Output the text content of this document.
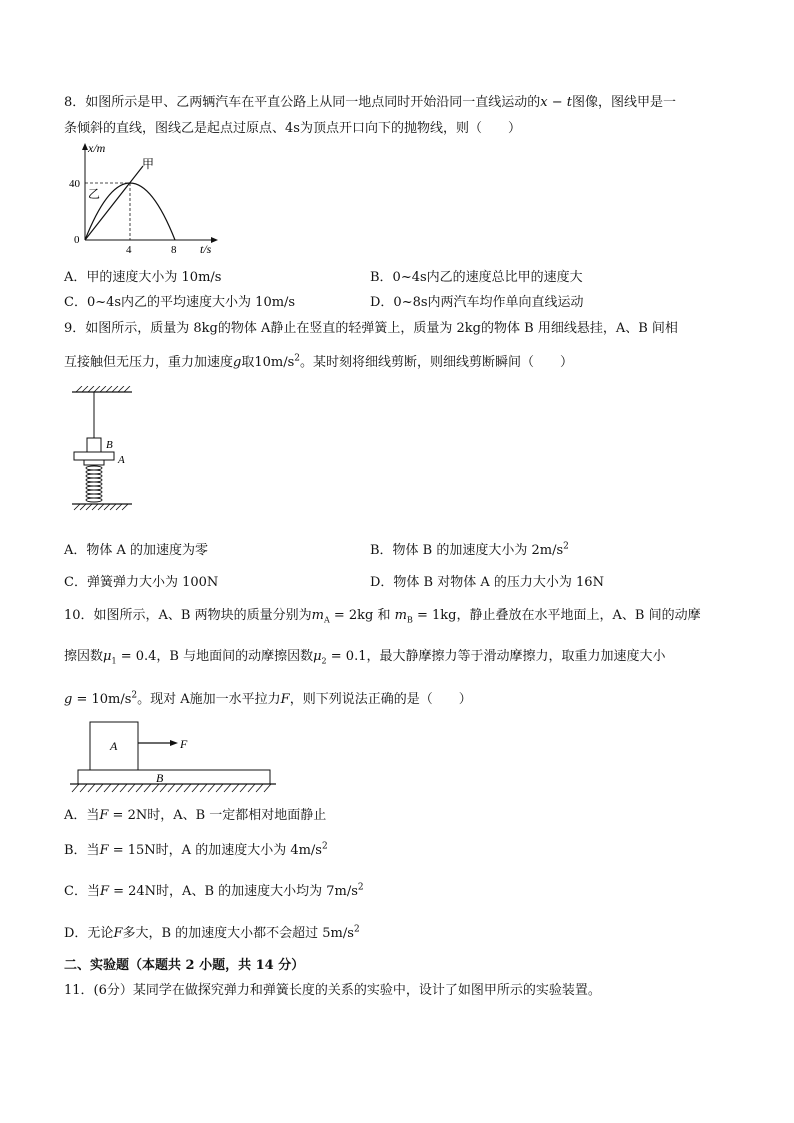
8．如图所示是甲、乙两辆汽车在平直公路上从同一地点同时开始沿同一直线运动的x − t图像，图线甲是一
条倾斜的直线，图线乙是起点过原点、4s为顶点开口向下的抛物线，则（　　）
x/m
t/s
40
0
4	8
甲
乙
A．甲的速度大小为 10m/s	B．0~4s内乙的速度总比甲的速度大
C．0~4s内乙的平均速度大小为 10m/s	D．0~8s内两汽车均作单向直线运动
9．如图所示，质量为 8kg的物体 A静止在竖直的轻弹簧上，质量为 2kg的物体 B 用细线悬挂，A、B 间相
互接触但无压力，重力加速度g取$10m/s^2$。某时刻将细线剪断，则细线剪断瞬间（　　）
B
A
A．物体 A 的加速度为零	B．物体 B 的加速度大小为 $2m/s^2$
C．弹簧弹力大小为 100N	D．物体 B 对物体 A 的压力大小为 16N
10．如图所示，A、B 两物块的质量分别为$m_A = 2kg$ 和 $m_B = 1kg$，静止叠放在水平地面上，A、B 间的动摩
擦因数$\mu_1 = 0.4$，B 与地面间的动摩擦因数$\mu_2 = 0.1$，最大静摩擦力等于滑动摩擦力，取重力加速度大小
$g = 10m/s^2$。现对 A施加一水平拉力F，则下列说法正确的是（　　）
A	F
B
A．当F = 2N时，A、B 一定都相对地面静止
B．当F = 15N时，A 的加速度大小为 $4m/s^2$
C．当F = 24N时，A、B 的加速度大小均为 $7m/s^2$
D．无论F多大，B 的加速度大小都不会超过 $5m/s^2$
二、实验题（本题共 2 小题，共 14 分）
11．(6分）某同学在做探究弹力和弹簧长度的关系的实验中，设计了如图甲所示的实验装置。
